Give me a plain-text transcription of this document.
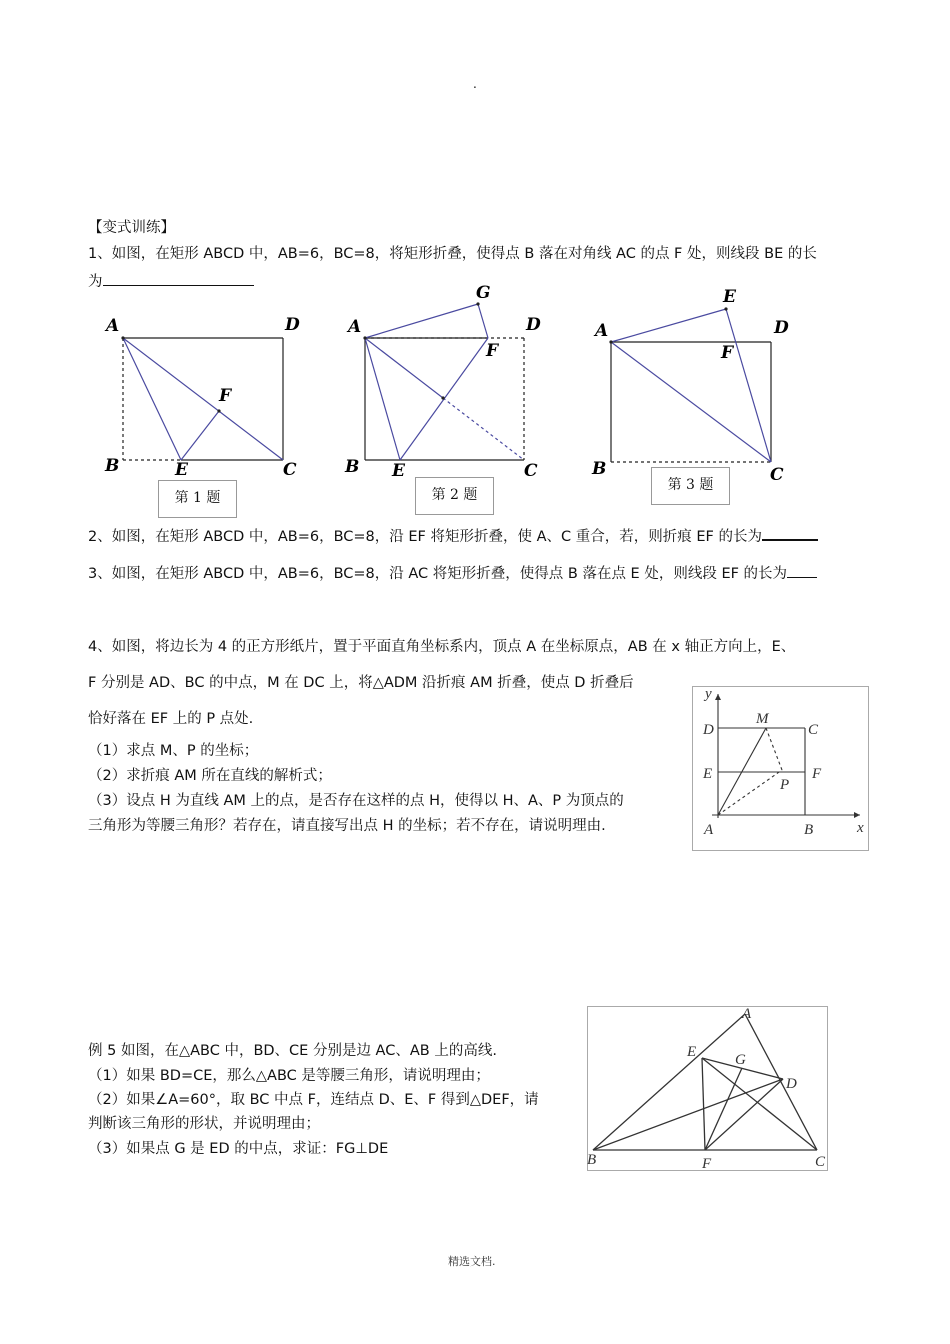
.
【变式训练】
1、如图，在矩形 ABCD 中，AB=6，BC=8，将矩形折叠，使得点 B 落在对角线 AC 的点 F 处，则线段 BE 的长
为
A	D
F
B	E	C
第 1 题
G
A	D
F
B E	C
第 2 题
E
A	D
F
B	C
第 3 题
2、如图，在矩形 ABCD 中，AB=6，BC=8，沿 EF 将矩形折叠，使 A、C 重合，若，则折痕 EF 的长为
3、如图，在矩形 ABCD 中，AB=6，BC=8，沿 AC 将矩形折叠，使得点 B 落在点 E 处，则线段 EF 的长为
4、如图，将边长为 4 的正方形纸片，置于平面直角坐标系内，顶点 A 在坐标原点，AB 在 x 轴正方向上，E、
F 分别是 AD、BC 的中点，M 在 DC 上，将△ADM 沿折痕 AM 折叠，使点 D 折叠后
恰好落在 EF 上的 P 点处.
（1）求点 M、P 的坐标；
（2）求折痕 AM 所在直线的解析式；
（3）设点 H 为直线 AM 上的点，是否存在这样的点 H，使得以 H、A、P 为顶点的
三角形为等腰三角形？若存在，请直接写出点 H 的坐标；若不存在，请说明理由.
y
M
D	C
E	F
P
A	B	x
例 5 如图，在△ABC 中，BD、CE 分别是边 AC、AB 上的高线.
（1）如果 BD=CE，那么△ABC 是等腰三角形，请说明理由；
（2）如果∠A=60°，取 BC 中点 F，连结点 D、E、F 得到△DEF，请
判断该三角形的形状，并说明理由；
（3）如果点 G 是 ED 的中点，求证：FG⊥DE
A
E	G
D
B	F	C
精选文档.
